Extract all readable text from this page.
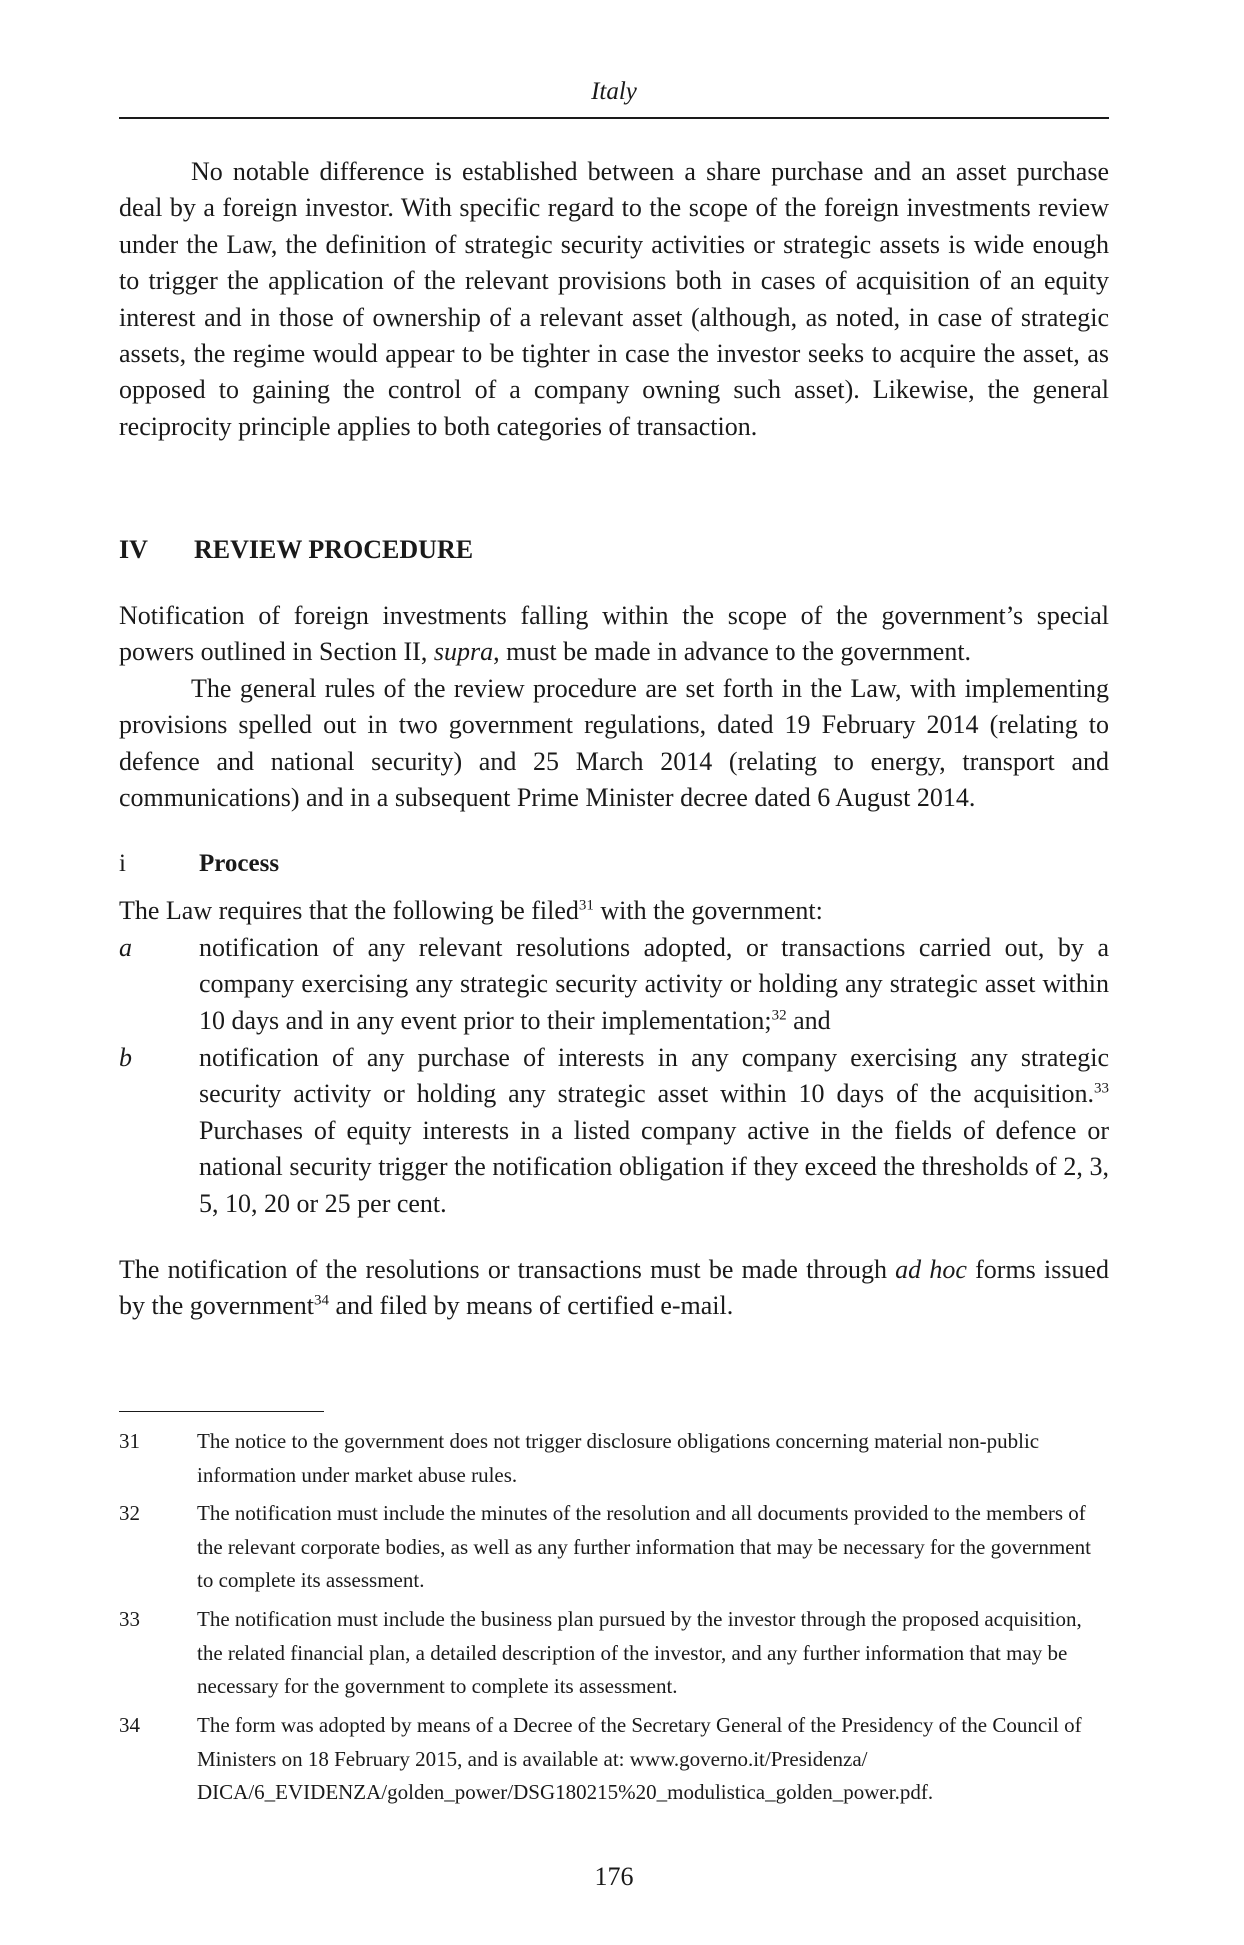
Italy

No notable difference is established between a share purchase and an asset purchase deal by a foreign investor. With specific regard to the scope of the foreign investments review under the Law, the definition of strategic security activities or strategic assets is wide enough to trigger the application of the relevant provisions both in cases of acquisition of an equity interest and in those of ownership of a relevant asset (although, as noted, in case of strategic assets, the regime would appear to be tighter in case the investor seeks to acquire the asset, as opposed to gaining the control of a company owning such asset). Likewise, the general reciprocity principle applies to both categories of transaction.

IV	REVIEW PROCEDURE

Notification of foreign investments falling within the scope of the government’s special powers outlined in Section II, supra, must be made in advance to the government.

The general rules of the review procedure are set forth in the Law, with implementing provisions spelled out in two government regulations, dated 19 February 2014 (relating to defence and national security) and 25 March 2014 (relating to energy, transport and communications) and in a subsequent Prime Minister decree dated 6 August 2014.

i	Process

The Law requires that the following be filed$^{31}$ with the government:

a	notification of any relevant resolutions adopted, or transactions carried out, by a company exercising any strategic security activity or holding any strategic asset within 10 days and in any event prior to their implementation;$^{32}$ and
b	notification of any purchase of interests in any company exercising any strategic security activity or holding any strategic asset within 10 days of the acquisition.$^{33}$ Purchases of equity interests in a listed company active in the fields of defence or national security trigger the notification obligation if they exceed the thresholds of 2, 3, 5, 10, 20 or 25 per cent.

The notification of the resolutions or transactions must be made through ad hoc forms issued by the government$^{34}$ and filed by means of certified e-mail.

31	The notice to the government does not trigger disclosure obligations concerning material non-public information under market abuse rules.
32	The notification must include the minutes of the resolution and all documents provided to the members of the relevant corporate bodies, as well as any further information that may be necessary for the government to complete its assessment.
33	The notification must include the business plan pursued by the investor through the proposed acquisition, the related financial plan, a detailed description of the investor, and any further information that may be necessary for the government to complete its assessment.
34	The form was adopted by means of a Decree of the Secretary General of the Presidency of the Council of Ministers on 18 February 2015, and is available at: www.governo.it/Presidenza/ DICA/6_EVIDENZA/golden_power/DSG180215%20_modulistica_golden_power.pdf.
176
